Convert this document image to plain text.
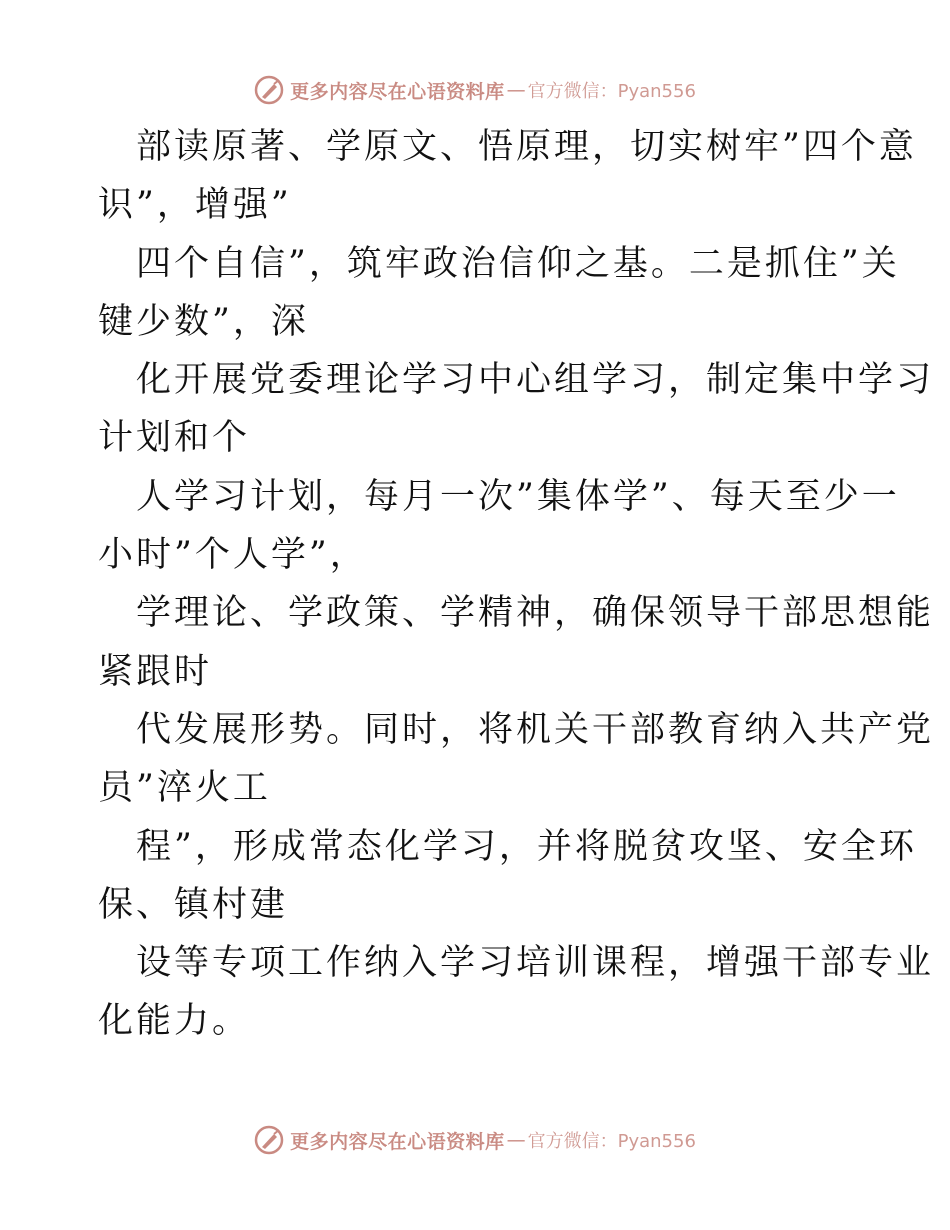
更多内容尽在心语资料库 — 官方微信：Pyan556
部读原著、学原文、悟原理，切实树牢”四个意
识”，增强”
四个自信”，筑牢政治信仰之基。二是抓住”关
键少数”，深
化开展党委理论学习中心组学习，制定集中学习
计划和个
人学习计划，每月一次”集体学”、每天至少一
小时”个人学”，
学理论、学政策、学精神，确保领导干部思想能
紧跟时
代发展形势。同时，将机关干部教育纳入共产党
员”淬火工
程”，形成常态化学习，并将脱贫攻坚、安全环
保、镇村建
设等专项工作纳入学习培训课程，增强干部专业
化能力。
更多内容尽在心语资料库 — 官方微信：Pyan556
